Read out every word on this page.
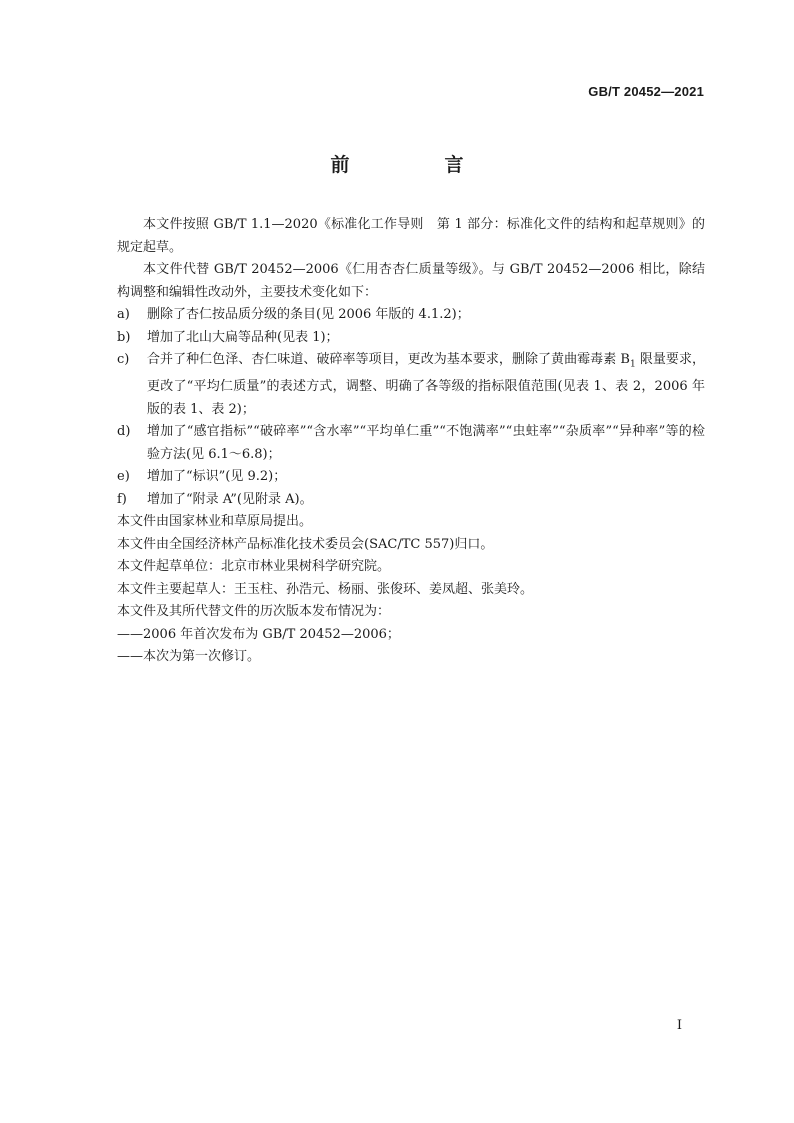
GB/T 20452—2021
前　言

本文件按照 GB/T 1.1—2020《标准化工作导则　第 1 部分：标准化文件的结构和起草规则》的规定起草。

本文件代替 GB/T 20452—2006《仁用杏杏仁质量等级》。与 GB/T 20452—2006 相比，除结构调整和编辑性改动外，主要技术变化如下：

a)	删除了杏仁按品质分级的条目(见 2006 年版的 4.1.2)；
b)	增加了北山大扁等品种(见表 1)；
c)	合并了种仁色泽、杏仁味道、破碎率等项目，更改为基本要求，删除了黄曲霉毒素 $B_1$ 限量要求，更改了“平均仁质量”的表述方式，调整、明确了各等级的指标限值范围(见表 1、表 2，2006 年版的表 1、表 2)；
d)	增加了“感官指标”“破碎率”“含水率”“平均单仁重”“不饱满率”“虫蛀率”“杂质率”“异种率”等的检验方法(见 6.1～6.8)；
e)	增加了“标识”(见 9.2)；
f)	增加了“附录 A”(见附录 A)。

本文件由国家林业和草原局提出。

本文件由全国经济林产品标准化技术委员会(SAC/TC 557)归口。

本文件起草单位：北京市林业果树科学研究院。

本文件主要起草人：王玉柱、孙浩元、杨丽、张俊环、姜凤超、张美玲。

本文件及其所代替文件的历次版本发布情况为：

——2006 年首次发布为 GB/T 20452—2006；

——本次为第一次修订。

I
